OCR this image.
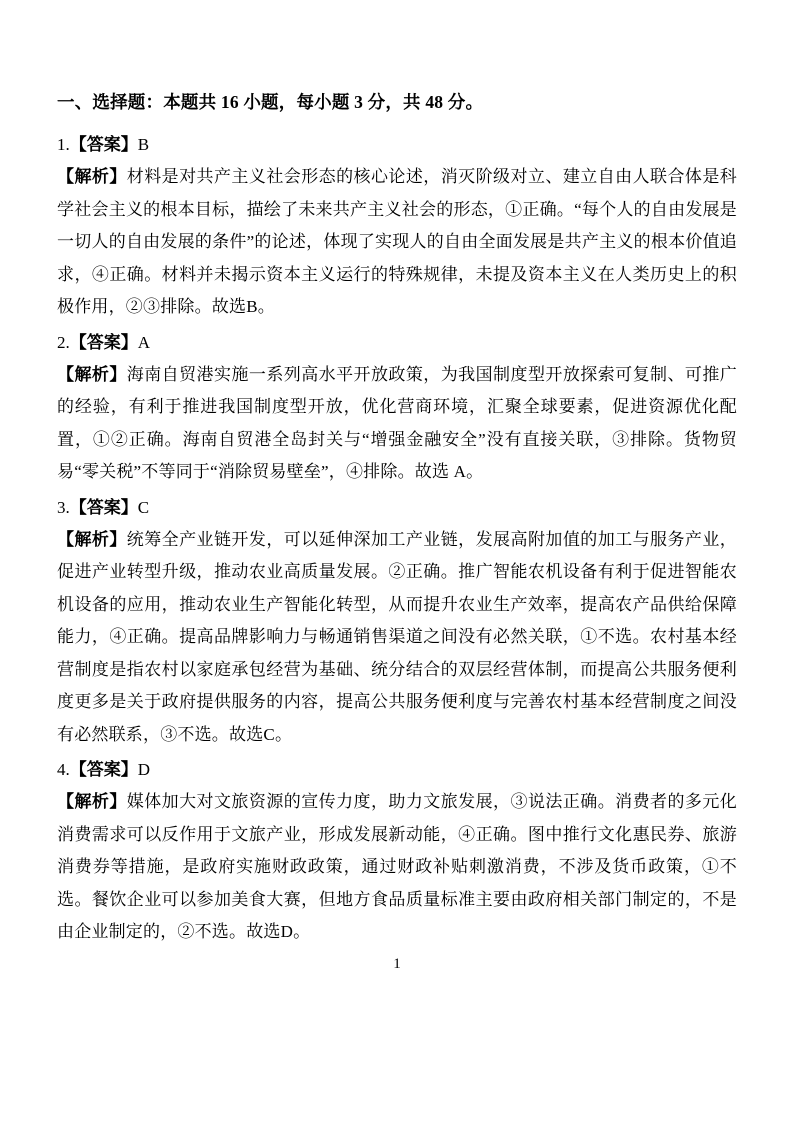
一、选择题：本题共 16 小题，每小题 3 分，共 48 分。

1.【答案】B

【解析】材料是对共产主义社会形态的核心论述，消灭阶级对立、建立自由人联合体是科学社会主义的根本目标，描绘了未来共产主义社会的形态，①正确。“每个人的自由发展是一切人的自由发展的条件”的论述，体现了实现人的自由全面发展是共产主义的根本价值追求，④正确。材料并未揭示资本主义运行的特殊规律，未提及资本主义在人类历史上的积极作用，②③排除。故选B。

2.【答案】A

【解析】海南自贸港实施一系列高水平开放政策，为我国制度型开放探索可复制、可推广的经验，有利于推进我国制度型开放，优化营商环境，汇聚全球要素，促进资源优化配置，①②正确。海南自贸港全岛封关与“增强金融安全”没有直接关联，③排除。货物贸易“零关税”不等同于“消除贸易壁垒”，④排除。故选 A。

3.【答案】C

【解析】统筹全产业链开发，可以延伸深加工产业链，发展高附加值的加工与服务产业，促进产业转型升级，推动农业高质量发展。②正确。推广智能农机设备有利于促进智能农机设备的应用，推动农业生产智能化转型，从而提升农业生产效率，提高农产品供给保障能力，④正确。提高品牌影响力与畅通销售渠道之间没有必然关联，①不选。农村基本经营制度是指农村以家庭承包经营为基础、统分结合的双层经营体制，而提高公共服务便利度更多是关于政府提供服务的内容，提高公共服务便利度与完善农村基本经营制度之间没有必然联系，③不选。故选C。

4.【答案】D

【解析】媒体加大对文旅资源的宣传力度，助力文旅发展，③说法正确。消费者的多元化消费需求可以反作用于文旅产业，形成发展新动能，④正确。图中推行文化惠民券、旅游消费券等措施，是政府实施财政政策，通过财政补贴刺激消费，不涉及货币政策，①不选。餐饮企业可以参加美食大赛，但地方食品质量标准主要由政府相关部门制定的，不是由企业制定的，②不选。故选D。

1
